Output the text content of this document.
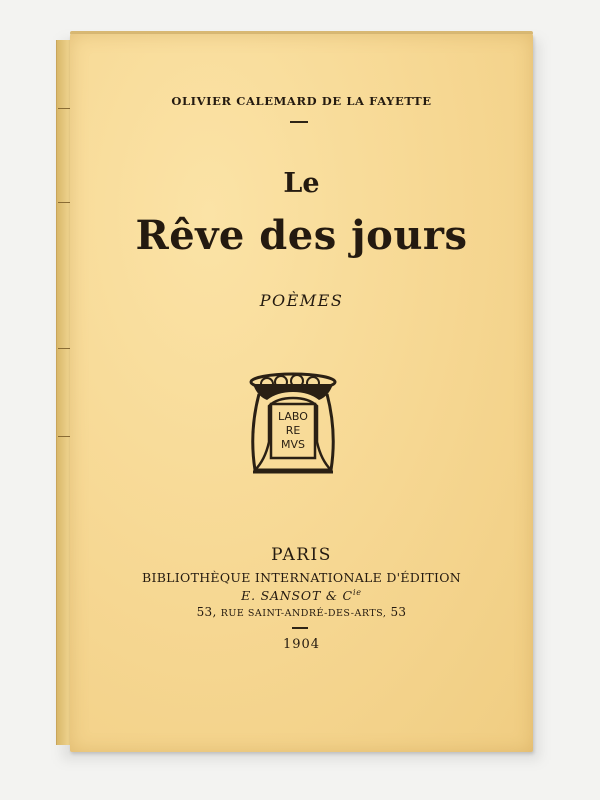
OLIVIER CALEMARD DE LA FAYETTE
Le
Rêve des jours
POÈMES
LABO
RE
MVS
PARIS
BIBLIOTHÈQUE INTERNATIONALE D'ÉDITION
E. SANSOT & $C^{ie}$
53, RUE SAINT-ANDRÉ-DES-ARTS, 53
1904
